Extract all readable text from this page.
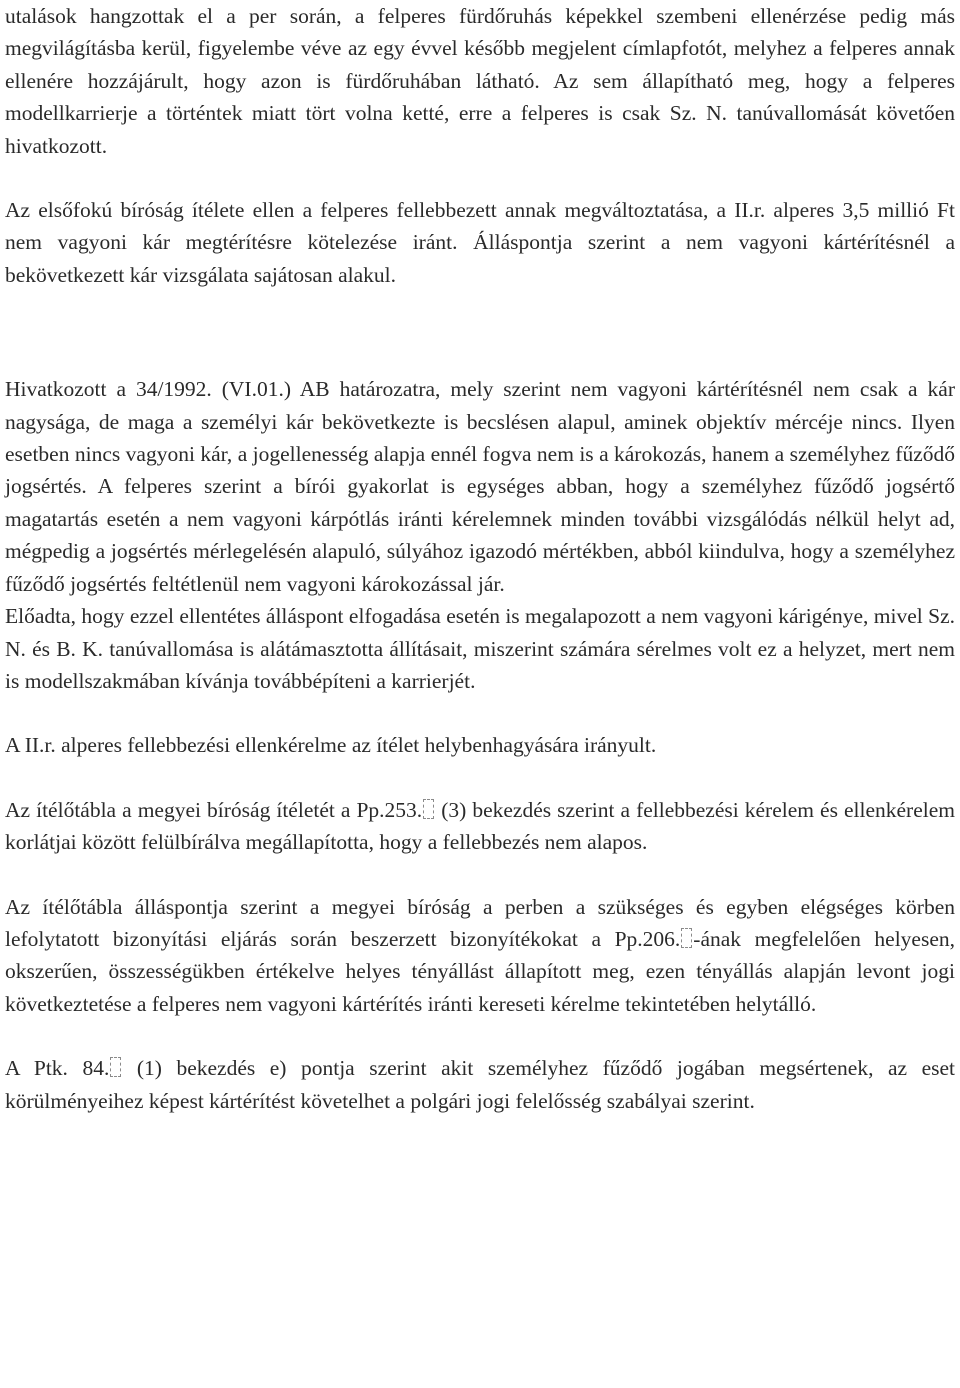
utalások hangzottak el a per során, a felperes fürdőruhás képekkel szembeni ellenérzése pedig más megvilágításba kerül, figyelembe véve az egy évvel később megjelent címlapfotót, melyhez a felperes annak ellenére hozzájárult, hogy azon is fürdőruhában látható. Az sem állapítható meg, hogy a felperes modellkarrierje a történtek miatt tört volna ketté, erre a felperes is csak Sz. N. tanúvallomását követően hivatkozott.

Az elsőfokú bíróság ítélete ellen a felperes fellebbezett annak megváltoztatása, a II.r. alperes 3,5 millió Ft nem vagyoni kár megtérítésre kötelezése iránt. Álláspontja szerint a nem vagyoni kártérítésnél a bekövetkezett kár vizsgálata sajátosan alakul.

Hivatkozott a 34/1992. (VI.01.) AB határozatra, mely szerint nem vagyoni kártérítésnél nem csak a kár nagysága, de maga a személyi kár bekövetkezte is becslésen alapul, aminek objektív mércéje nincs. Ilyen esetben nincs vagyoni kár, a jogellenesség alapja ennél fogva nem is a károkozás, hanem a személyhez fűződő jogsértés. A felperes szerint a bírói gyakorlat is egységes abban, hogy a személyhez fűződő jogsértő magatartás esetén a nem vagyoni kárpótlás iránti kérelemnek minden további vizsgálódás nélkül helyt ad, mégpedig a jogsértés mérlegelésén alapuló, súlyához igazodó mértékben, abból kiindulva, hogy a személyhez fűződő jogsértés feltétlenül nem vagyoni károkozással jár.

Előadta, hogy ezzel ellentétes álláspont elfogadása esetén is megalapozott a nem vagyoni kárigénye, mivel Sz. N. és B. K. tanúvallomása is alátámasztotta állításait, miszerint számára sérelmes volt ez a helyzet, mert nem is modellszakmában kívánja továbbépíteni a karrierjét.

A II.r. alperes fellebbezési ellenkérelme az ítélet helybenhagyására irányult.

Az ítélőtábla a megyei bíróság ítéletét a Pp.253. (3) bekezdés szerint a fellebbezési kérelem és ellenkérelem korlátjai között felülbírálva megállapította, hogy a fellebbezés nem alapos.

Az ítélőtábla álláspontja szerint a megyei bíróság a perben a szükséges és egyben elégséges körben lefolytatott bizonyítási eljárás során beszerzett bizonyítékokat a Pp.206. -ának megfelelően helyesen, okszerűen, összességükben értékelve helyes tényállást állapított meg, ezen tényállás alapján levont jogi következtetése a felperes nem vagyoni kártérítés iránti kereseti kérelme tekintetében helytálló.

A Ptk. 84. (1) bekezdés e) pontja szerint akit személyhez fűződő jogában megsértenek, az eset körülményeihez képest kártérítést követelhet a polgári jogi felelősség szabályai szerint.
